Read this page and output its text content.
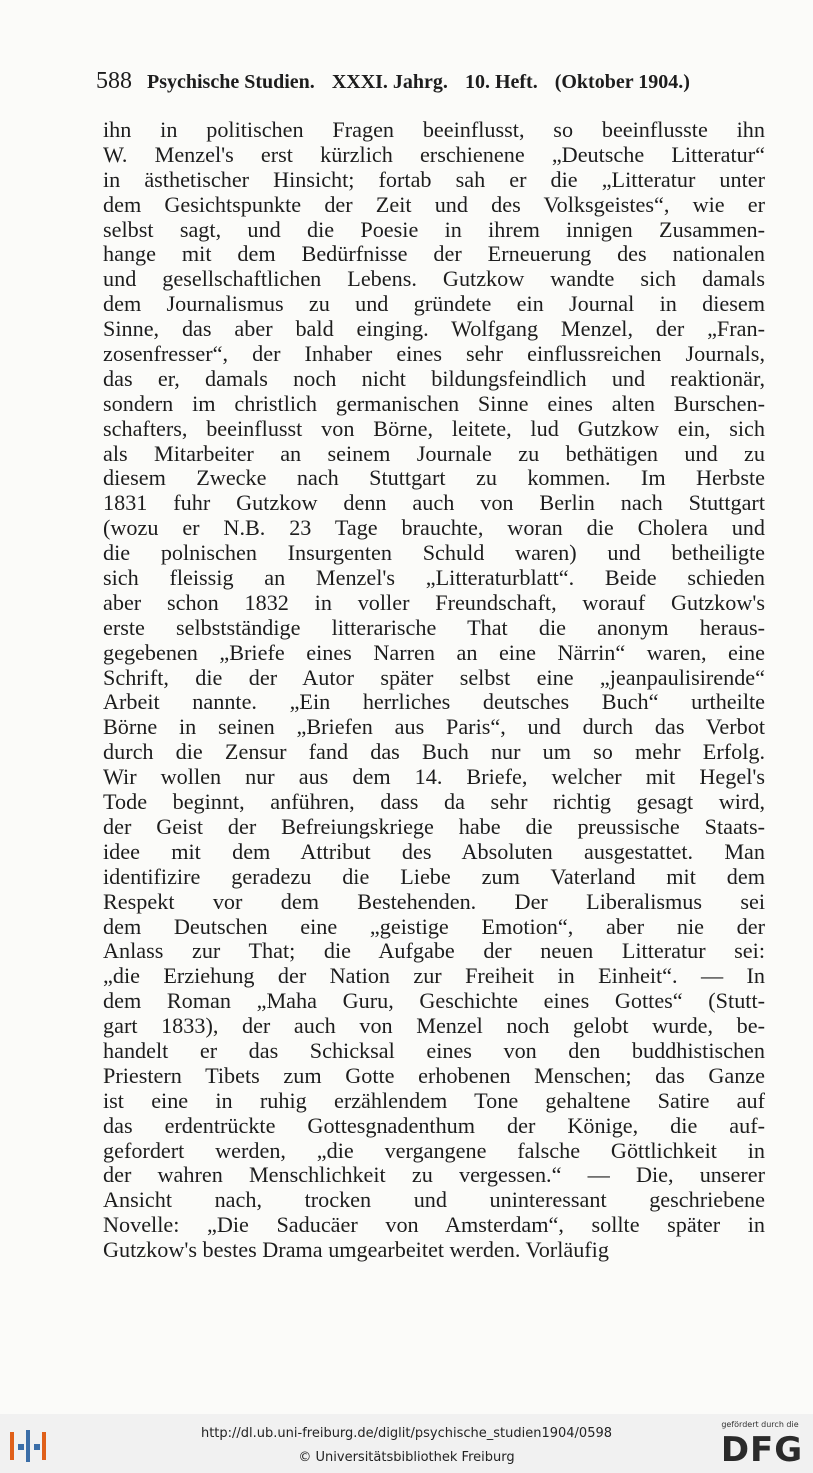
588 Psychische Studien. XXXI. Jahrg. 10. Heft. (Oktober 1904.)
ihn in politischen Fragen beeinflusst, so beeinflusste ihn
W. Menzel's erst kürzlich erschienene „Deutsche Litteratur“
in ästhetischer Hinsicht; fortab sah er die „Litteratur unter
dem Gesichtspunkte der Zeit und des Volksgeistes“, wie er
selbst sagt, und die Poesie in ihrem innigen Zusammen-
hange mit dem Bedürfnisse der Erneuerung des nationalen
und gesellschaftlichen Lebens. Gutzkow wandte sich damals
dem Journalismus zu und gründete ein Journal in diesem
Sinne, das aber bald einging. Wolfgang Menzel, der „Fran-
zosenfresser“, der Inhaber eines sehr einflussreichen Journals,
das er, damals noch nicht bildungsfeindlich und reaktionär,
sondern im christlich germanischen Sinne eines alten Burschen-
schafters, beeinflusst von Börne, leitete, lud Gutzkow ein, sich
als Mitarbeiter an seinem Journale zu bethätigen und zu
diesem Zwecke nach Stuttgart zu kommen. Im Herbste
1831 fuhr Gutzkow denn auch von Berlin nach Stuttgart
(wozu er N.B. 23 Tage brauchte, woran die Cholera und
die polnischen Insurgenten Schuld waren) und betheiligte
sich fleissig an Menzel's „Litteraturblatt“. Beide schieden
aber schon 1832 in voller Freundschaft, worauf Gutzkow's
erste selbstständige litterarische That die anonym heraus-
gegebenen „Briefe eines Narren an eine Närrin“ waren, eine
Schrift, die der Autor später selbst eine „jeanpaulisirende“
Arbeit nannte. „Ein herrliches deutsches Buch“ urtheilte
Börne in seinen „Briefen aus Paris“, und durch das Verbot
durch die Zensur fand das Buch nur um so mehr Erfolg.
Wir wollen nur aus dem 14. Briefe, welcher mit Hegel's
Tode beginnt, anführen, dass da sehr richtig gesagt wird,
der Geist der Befreiungskriege habe die preussische Staats-
idee mit dem Attribut des Absoluten ausgestattet. Man
identifizire geradezu die Liebe zum Vaterland mit dem
Respekt vor dem Bestehenden. Der Liberalismus sei
dem Deutschen eine „geistige Emotion“, aber nie der
Anlass zur That; die Aufgabe der neuen Litteratur sei:
„die Erziehung der Nation zur Freiheit in Einheit“. — In
dem Roman „Maha Guru, Geschichte eines Gottes“ (Stutt-
gart 1833), der auch von Menzel noch gelobt wurde, be-
handelt er das Schicksal eines von den buddhistischen
Priestern Tibets zum Gotte erhobenen Menschen; das Ganze
ist eine in ruhig erzählendem Tone gehaltene Satire auf
das erdentrückte Gottesgnadenthum der Könige, die auf-
gefordert werden, „die vergangene falsche Göttlichkeit in
der wahren Menschlichkeit zu vergessen.“ — Die, unserer
Ansicht nach, trocken und uninteressant geschriebene
Novelle: „Die Saducäer von Amsterdam“, sollte später in
Gutzkow's bestes Drama umgearbeitet werden. Vorläufig
http://dl.ub.uni-freiburg.de/diglit/psychische_studien1904/0598
© Universitätsbibliothek Freiburg
gefördert durch die
DFG
